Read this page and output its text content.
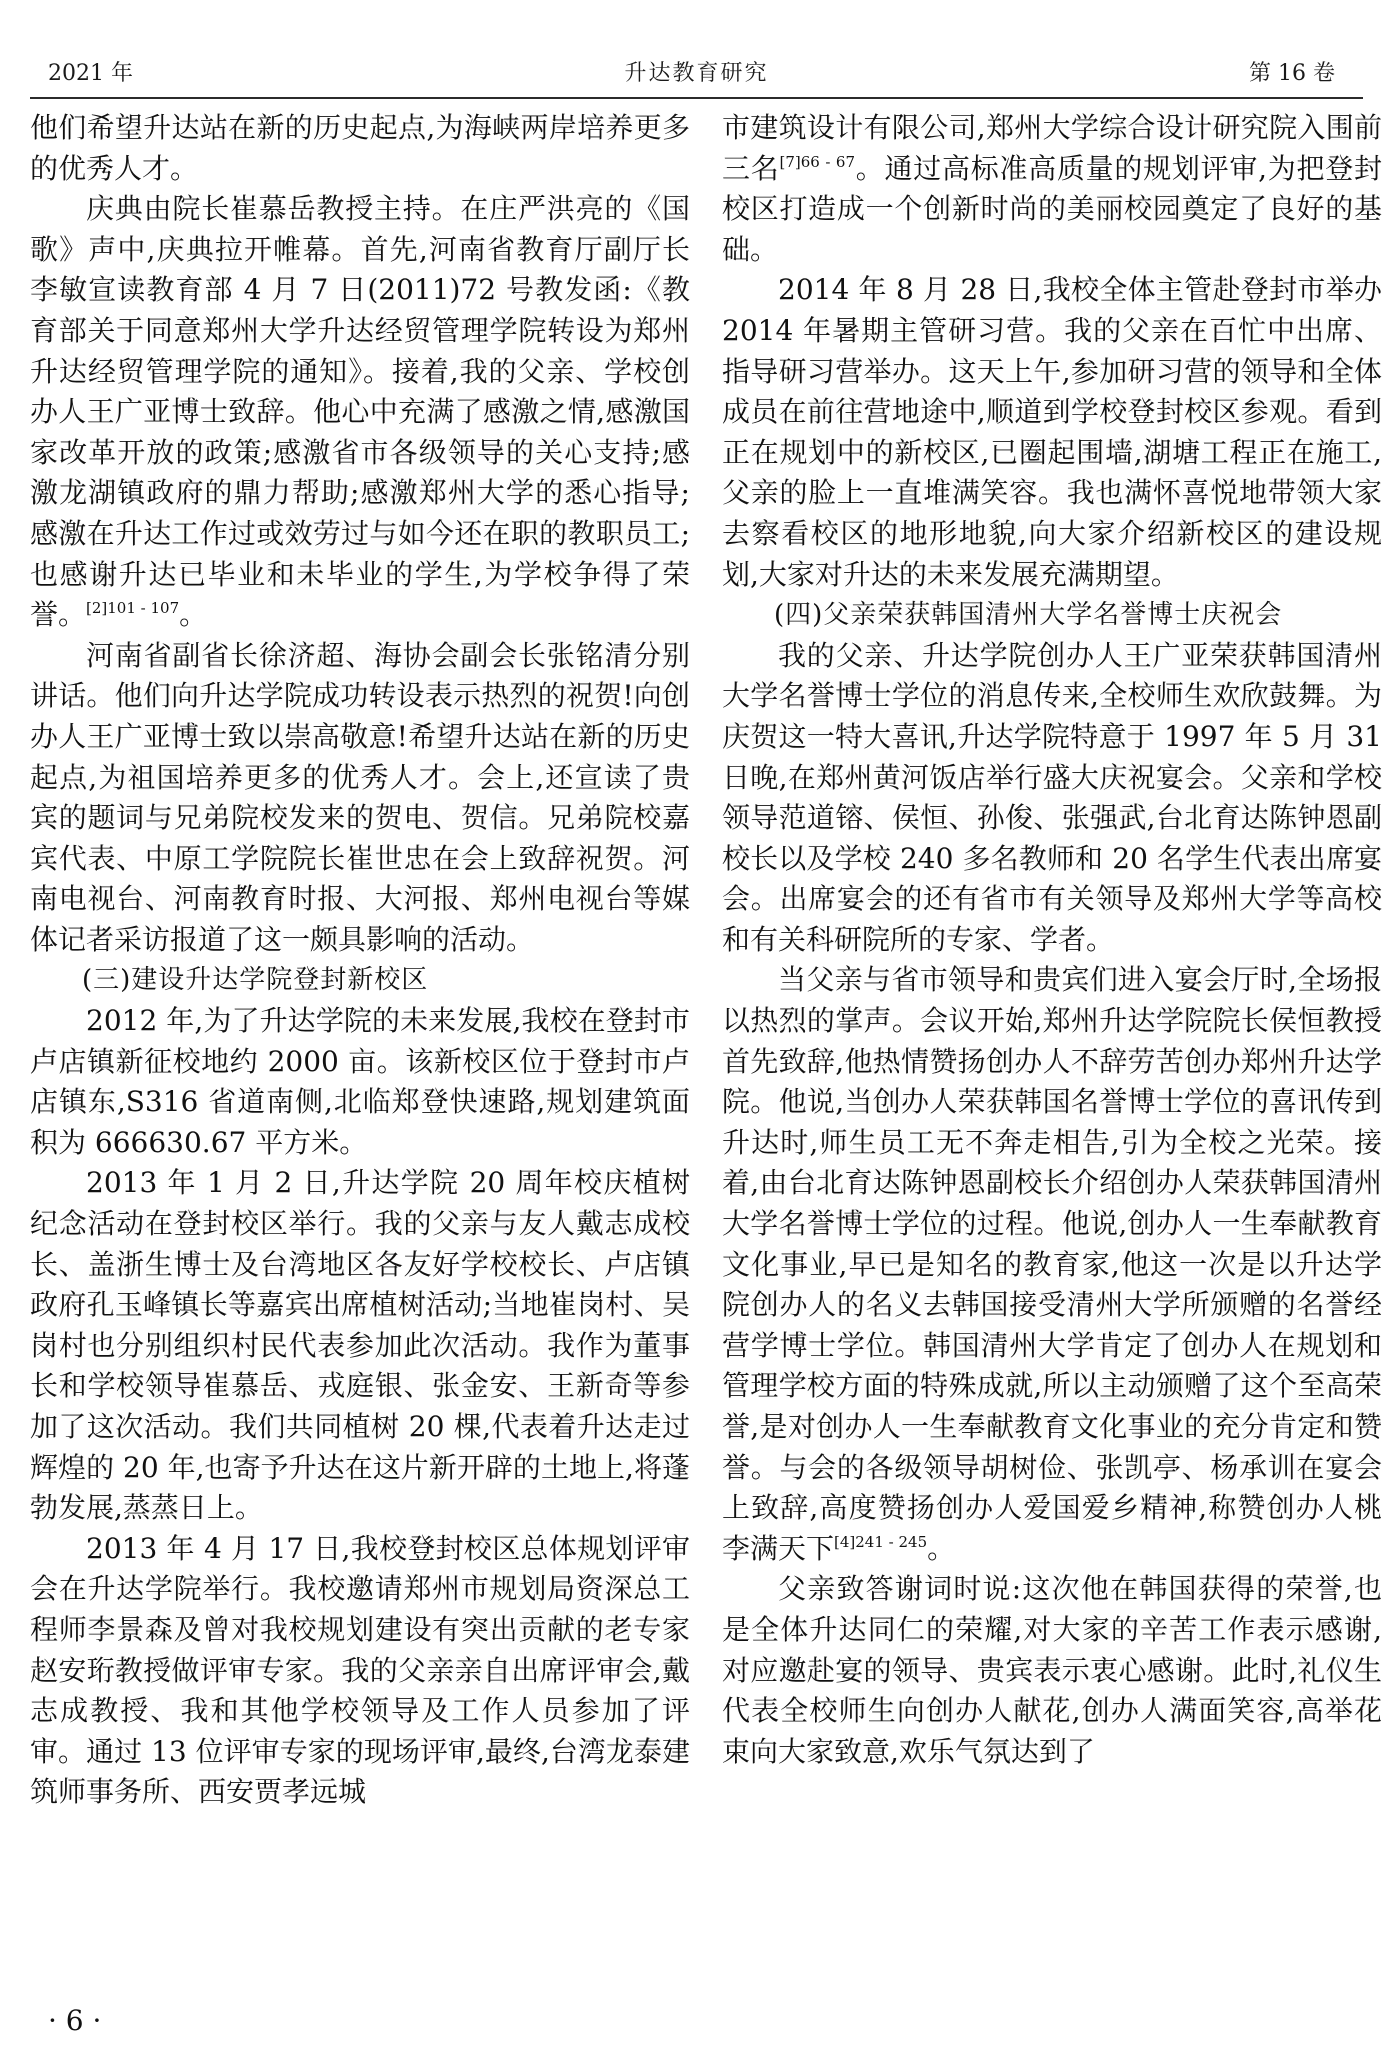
2021 年	升达教育研究	第 16 卷

他们希望升达站在新的历史起点,为海峡两岸培养更多的优秀人才。

庆典由院长崔慕岳教授主持。在庄严洪亮的《国歌》声中,庆典拉开帷幕。首先,河南省教育厅副厅长李敏宣读教育部 4 月 7 日(2011)72 号教发函:《教育部关于同意郑州大学升达经贸管理学院转设为郑州升达经贸管理学院的通知》。接着,我的父亲、学校创办人王广亚博士致辞。他心中充满了感激之情,感激国家改革开放的政策;感激省市各级领导的关心支持;感激龙湖镇政府的鼎力帮助;感激郑州大学的悉心指导;感激在升达工作过或效劳过与如今还在职的教职员工;也感谢升达已毕业和未毕业的学生,为学校争得了荣誉。$^{[2]101 - 107}$。

河南省副省长徐济超、海协会副会长张铭清分别讲话。他们向升达学院成功转设表示热烈的祝贺!向创办人王广亚博士致以崇高敬意!希望升达站在新的历史起点,为祖国培养更多的优秀人才。会上,还宣读了贵宾的题词与兄弟院校发来的贺电、贺信。兄弟院校嘉宾代表、中原工学院院长崔世忠在会上致辞祝贺。河南电视台、河南教育时报、大河报、郑州电视台等媒体记者采访报道了这一颇具影响的活动。

(三)建设升达学院登封新校区

2012 年,为了升达学院的未来发展,我校在登封市卢店镇新征校地约 2000 亩。该新校区位于登封市卢店镇东,S316 省道南侧,北临郑登快速路,规划建筑面积为 666630.67 平方米。

2013 年 1 月 2 日,升达学院 20 周年校庆植树纪念活动在登封校区举行。我的父亲与友人戴志成校长、盖浙生博士及台湾地区各友好学校校长、卢店镇政府孔玉峰镇长等嘉宾出席植树活动;当地崔岗村、吴岗村也分别组织村民代表参加此次活动。我作为董事长和学校领导崔慕岳、戎庭银、张金安、王新奇等参加了这次活动。我们共同植树 20 棵,代表着升达走过辉煌的 20 年,也寄予升达在这片新开辟的土地上,将蓬勃发展,蒸蒸日上。

2013 年 4 月 17 日,我校登封校区总体规划评审会在升达学院举行。我校邀请郑州市规划局资深总工程师李景森及曾对我校规划建设有突出贡献的老专家赵安珩教授做评审专家。我的父亲亲自出席评审会,戴志成教授、我和其他学校领导及工作人员参加了评审。通过 13 位评审专家的现场评审,最终,台湾龙泰建筑师事务所、西安贾孝远城

市建筑设计有限公司,郑州大学综合设计研究院入围前三名$^{[7]66 - 67}$。通过高标准高质量的规划评审,为把登封校区打造成一个创新时尚的美丽校园奠定了良好的基础。

2014 年 8 月 28 日,我校全体主管赴登封市举办 2014 年暑期主管研习营。我的父亲在百忙中出席、指导研习营举办。这天上午,参加研习营的领导和全体成员在前往营地途中,顺道到学校登封校区参观。看到正在规划中的新校区,已圈起围墙,湖塘工程正在施工,父亲的脸上一直堆满笑容。我也满怀喜悦地带领大家去察看校区的地形地貌,向大家介绍新校区的建设规划,大家对升达的未来发展充满期望。

(四)父亲荣获韩国清州大学名誉博士庆祝会

我的父亲、升达学院创办人王广亚荣获韩国清州大学名誉博士学位的消息传来,全校师生欢欣鼓舞。为庆贺这一特大喜讯,升达学院特意于 1997 年 5 月 31 日晚,在郑州黄河饭店举行盛大庆祝宴会。父亲和学校领导范道镕、侯恒、孙俊、张强武,台北育达陈钟恩副校长以及学校 240 多名教师和 20 名学生代表出席宴会。出席宴会的还有省市有关领导及郑州大学等高校和有关科研院所的专家、学者。

当父亲与省市领导和贵宾们进入宴会厅时,全场报以热烈的掌声。会议开始,郑州升达学院院长侯恒教授首先致辞,他热情赞扬创办人不辞劳苦创办郑州升达学院。他说,当创办人荣获韩国名誉博士学位的喜讯传到升达时,师生员工无不奔走相告,引为全校之光荣。接着,由台北育达陈钟恩副校长介绍创办人荣获韩国清州大学名誉博士学位的过程。他说,创办人一生奉献教育文化事业,早已是知名的教育家,他这一次是以升达学院创办人的名义去韩国接受清州大学所颁赠的名誉经营学博士学位。韩国清州大学肯定了创办人在规划和管理学校方面的特殊成就,所以主动颁赠了这个至高荣誉,是对创办人一生奉献教育文化事业的充分肯定和赞誉。与会的各级领导胡树俭、张凯亭、杨承训在宴会上致辞,高度赞扬创办人爱国爱乡精神,称赞创办人桃李满天下$^{[4]241 - 245}$。

父亲致答谢词时说:这次他在韩国获得的荣誉,也是全体升达同仁的荣耀,对大家的辛苦工作表示感谢,对应邀赴宴的领导、贵宾表示衷心感谢。此时,礼仪生代表全校师生向创办人献花,创办人满面笑容,高举花束向大家致意,欢乐气氛达到了

· 6 ·
